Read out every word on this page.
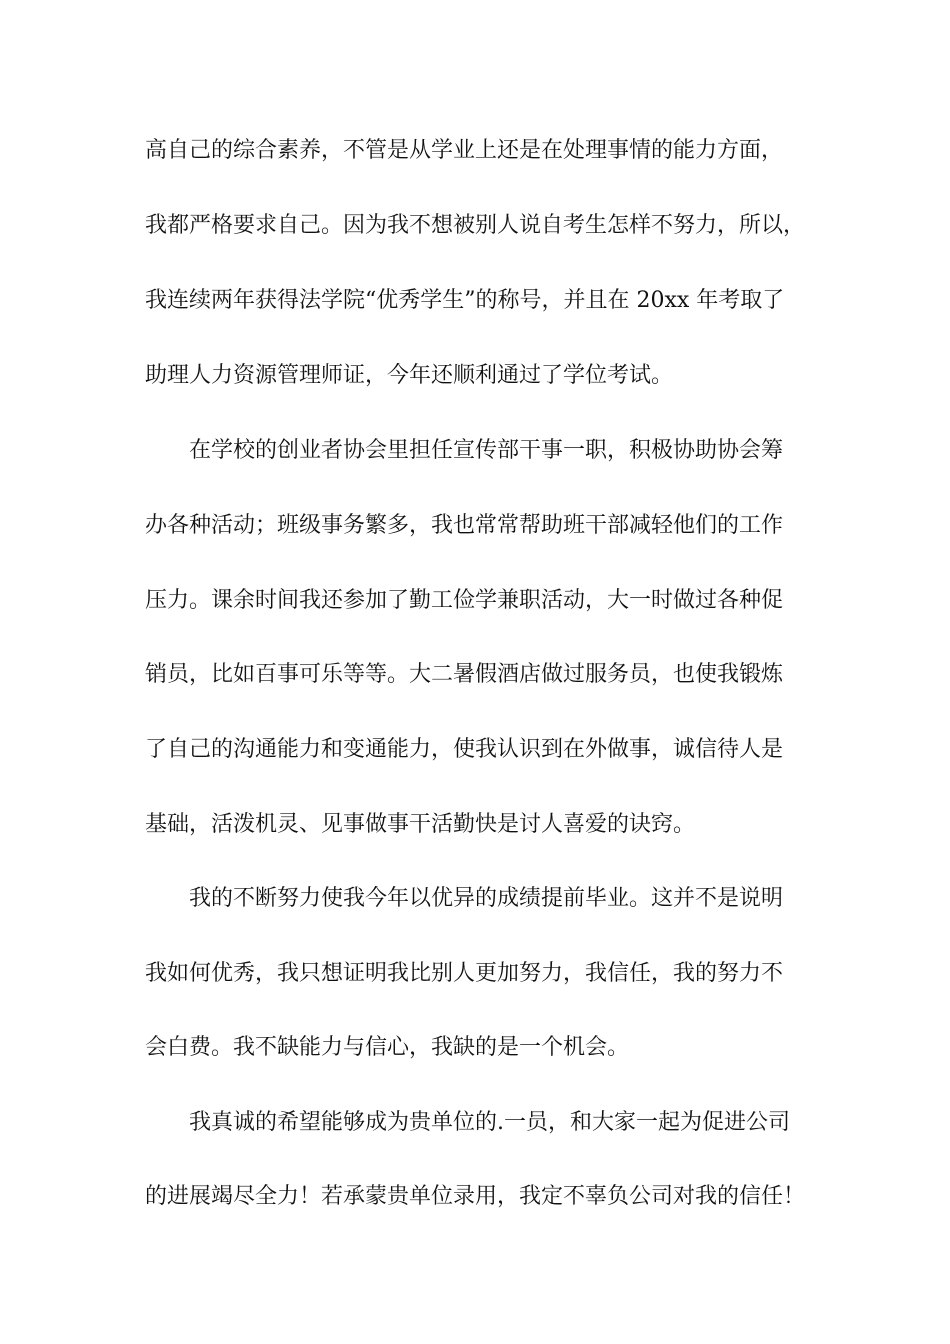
高自己的综合素养，不管是从学业上还是在处理事情的能力方面，
我都严格要求自己。因为我不想被别人说自考生怎样不努力，所以，
我连续两年获得法学院“优秀学生”的称号，并且在 20xx 年考取了
助理人力资源管理师证，今年还顺利通过了学位考试。
在学校的创业者协会里担任宣传部干事一职，积极协助协会筹
办各种活动；班级事务繁多，我也常常帮助班干部减轻他们的工作
压力。课余时间我还参加了勤工俭学兼职活动，大一时做过各种促
销员，比如百事可乐等等。大二暑假酒店做过服务员，也使我锻炼
了自己的沟通能力和变通能力，使我认识到在外做事，诚信待人是
基础，活泼机灵、见事做事干活勤快是讨人喜爱的诀窍。
我的不断努力使我今年以优异的成绩提前毕业。这并不是说明
我如何优秀，我只想证明我比别人更加努力，我信任，我的努力不
会白费。我不缺能力与信心，我缺的是一个机会。
我真诚的希望能够成为贵单位的.一员，和大家一起为促进公司
的进展竭尽全力！若承蒙贵单位录用，我定不辜负公司对我的信任！
